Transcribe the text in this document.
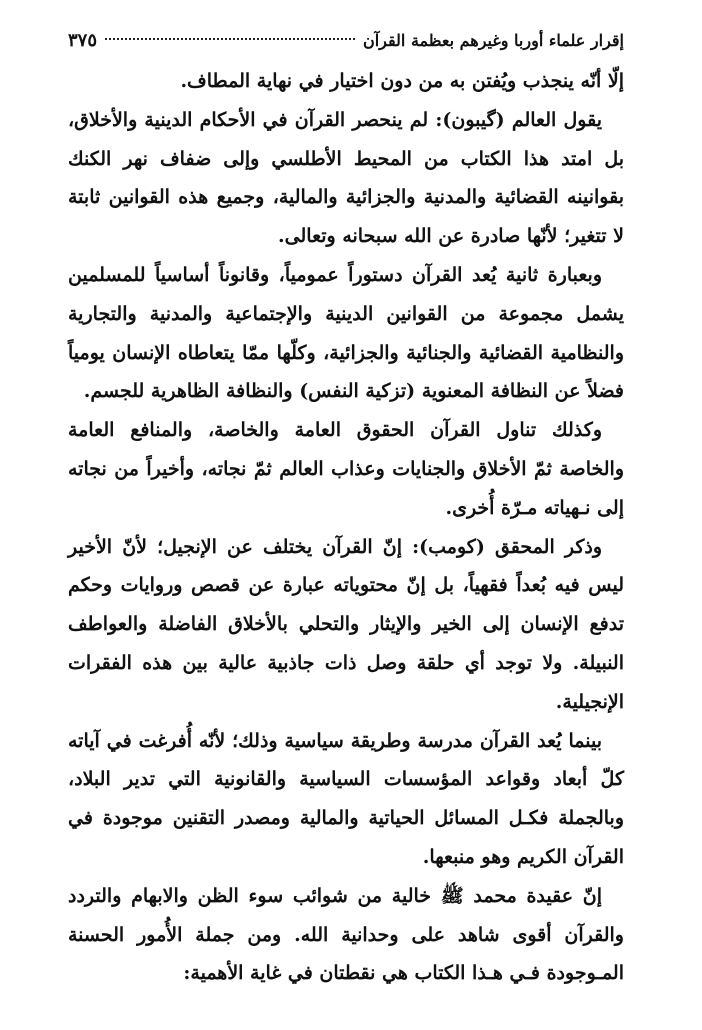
إقرار علماء أوربا وغيرهم بعظمة القرآن
٣٧٥

إلّا أنّه ينجذب ويُفتن به من دون اختيار في نهاية المطاف.

يقول العالم (گيبون): لم ينحصر القرآن في الأحكام الدينية والأخلاق، بل امتد هذا الكتاب من المحيط الأطلسي وإلى ضفاف نهر الكنك بقوانينه القضائية والمدنية والجزائية والمالية، وجميع هذه القوانين ثابتة لا تتغير؛ لأنّها صادرة عن الله سبحانه وتعالى.

وبعبارة ثانية يُعد القرآن دستوراً عمومياً، وقانوناً أساسياً للمسلمين يشمل مجموعة من القوانين الدينية والإجتماعية والمدنية والتجارية والنظامية القضائية والجنائية والجزائية، وكلّها ممّا يتعاطاه الإنسان يومياً فضلاً عن النظافة المعنوية (تزكية النفس) والنظافة الظاهرية للجسم.

وكذلك تناول القرآن الحقوق العامة والخاصة، والمنافع العامة والخاصة ثمّ الأخلاق والجنايات وعذاب العالم ثمّ نجاته، وأخيراً من نجاته إلى نـهياته مـرّة أُخرى.

وذكر المحقق (كومب): إنّ القرآن يختلف عن الإنجيل؛ لأنّ الأخير ليس فيه بُعداً فقهياً، بل إنّ محتوياته عبارة عن قصص وروايات وحكم تدفع الإنسان إلى الخير والإيثار والتحلي بالأخلاق الفاضلة والعواطف النبيلة. ولا توجد أي حلقة وصل ذات جاذبية عالية بين هذه الفقرات الإنجيلية.

بينما يُعد القرآن مدرسة وطريقة سياسية وذلك؛ لأنّه أُفرغت في آياته كلّ أبعاد وقواعد المؤسسات السياسية والقانونية التي تدير البلاد، وبالجملة فكـل المسائل الحياتية والمالية ومصدر التقنين موجودة في القرآن الكريم وهو منبعها.

إنّ عقيدة محمد ﷺ خالية من شوائب سوء الظن والابهام والتردد والقرآن أقوى شاهد على وحدانية الله. ومن جملة الأُمور الحسنة المـوجودة فـي هـذا الكتاب هي نقطتان في غاية الأهمية:
